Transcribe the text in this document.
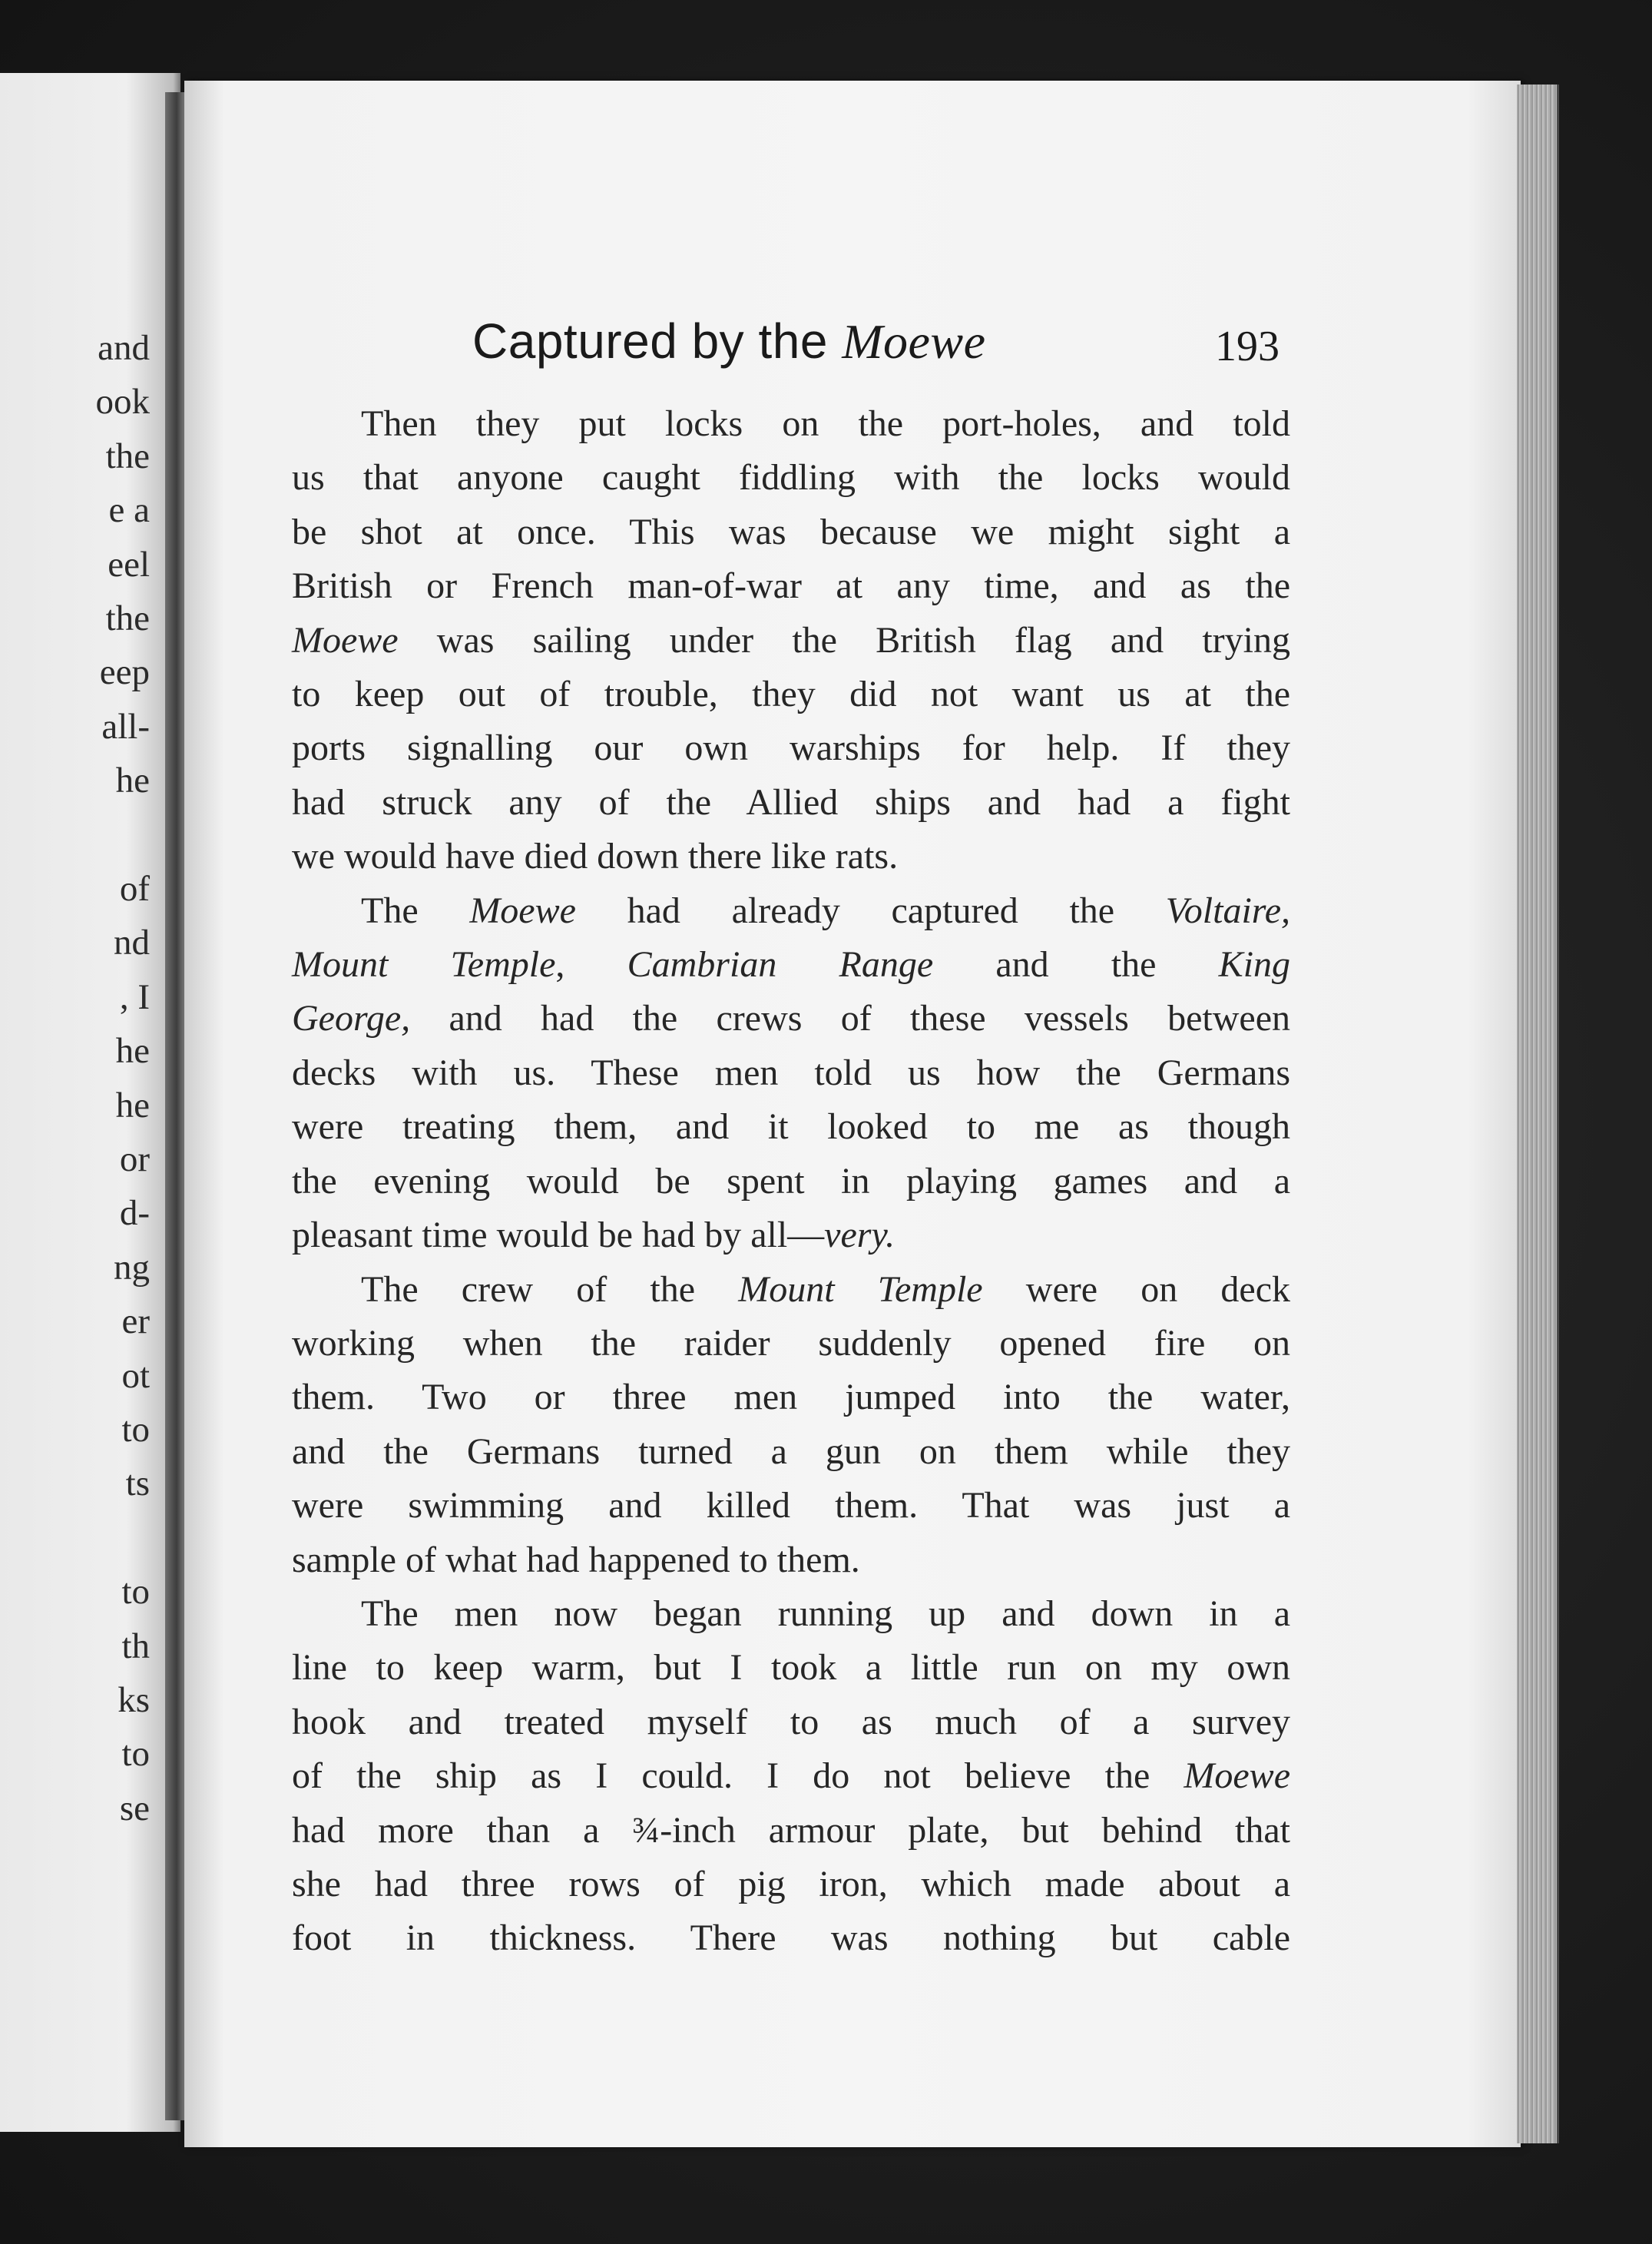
and
ook
the
e a
eel
the
eep
all-
he
of
nd
, I
he
he
or
d-
ng
er
ot
to
ts
to
th
ks
to
se
Captured by the Moewe	193
Then they put locks on the port-holes, and told
us that anyone caught fiddling with the locks would
be shot at once. This was because we might sight a
British or French man-of-war at any time, and as the
Moewe was sailing under the British flag and trying
to keep out of trouble, they did not want us at the
ports signalling our own warships for help. If they
had struck any of the Allied ships and had a fight
we would have died down there like rats.
The Moewe had already captured the Voltaire,
Mount Temple, Cambrian Range and the King
George, and had the crews of these vessels between
decks with us. These men told us how the Germans
were treating them, and it looked to me as though
the evening would be spent in playing games and a
pleasant time would be had by all—very.
The crew of the Mount Temple were on deck
working when the raider suddenly opened fire on
them. Two or three men jumped into the water,
and the Germans turned a gun on them while they
were swimming and killed them. That was just a
sample of what had happened to them.
The men now began running up and down in a
line to keep warm, but I took a little run on my own
hook and treated myself to as much of a survey
of the ship as I could. I do not believe the Moewe
had more than a ¾-inch armour plate, but behind that
she had three rows of pig iron, which made about a
foot in thickness. There was nothing but cable
